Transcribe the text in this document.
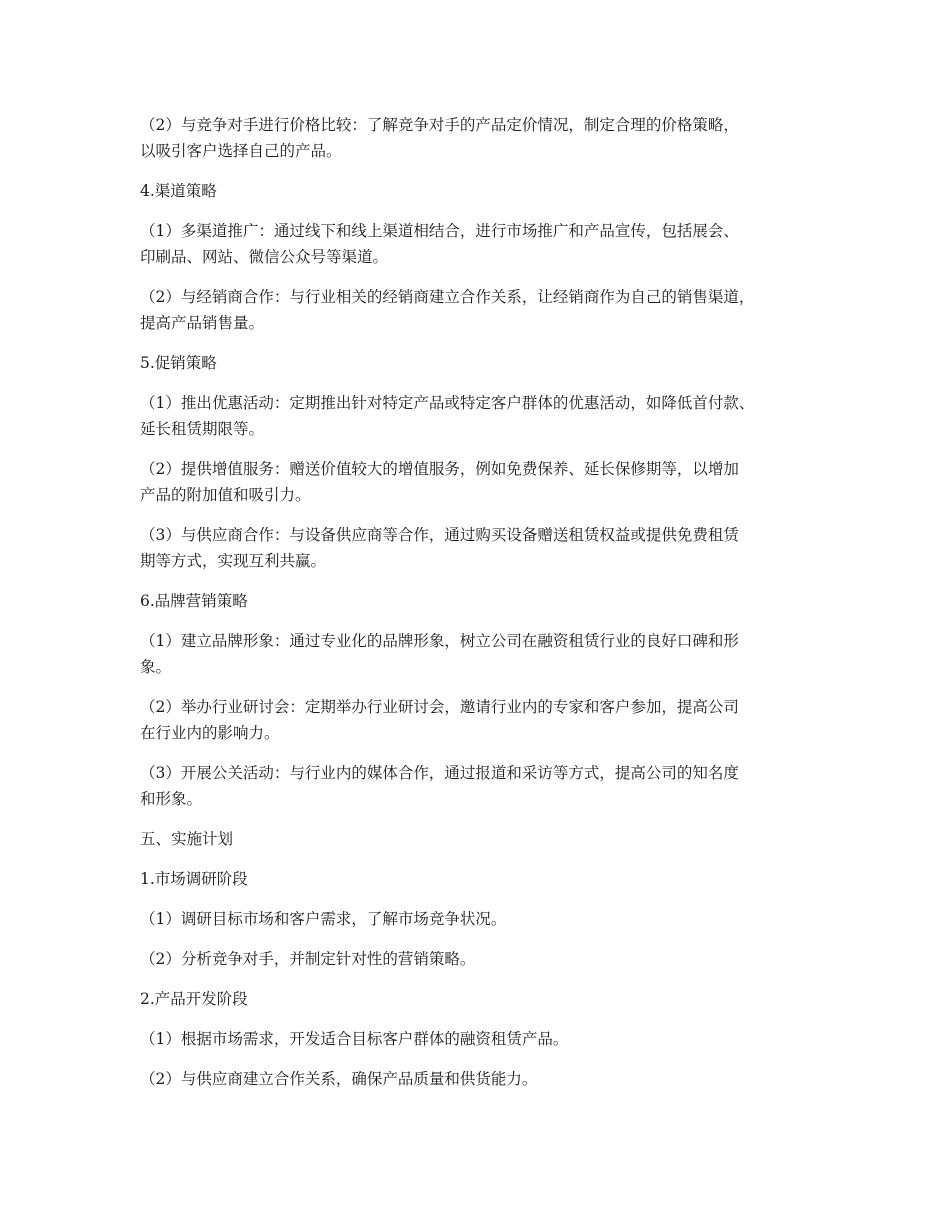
（2）与竞争对手进行价格比较：了解竞争对手的产品定价情况，制定合理的价格策略，

以吸引客户选择自己的产品。

4.渠道策略

（1）多渠道推广：通过线下和线上渠道相结合，进行市场推广和产品宣传，包括展会、

印刷品、网站、微信公众号等渠道。

（2）与经销商合作：与行业相关的经销商建立合作关系，让经销商作为自己的销售渠道，

提高产品销售量。

5.促销策略

（1）推出优惠活动：定期推出针对特定产品或特定客户群体的优惠活动，如降低首付款、

延长租赁期限等。

（2）提供增值服务：赠送价值较大的增值服务，例如免费保养、延长保修期等，以增加

产品的附加值和吸引力。

（3）与供应商合作：与设备供应商等合作，通过购买设备赠送租赁权益或提供免费租赁

期等方式，实现互利共赢。

6.品牌营销策略

（1）建立品牌形象：通过专业化的品牌形象，树立公司在融资租赁行业的良好口碑和形

象。

（2）举办行业研讨会：定期举办行业研讨会，邀请行业内的专家和客户参加，提高公司

在行业内的影响力。

（3）开展公关活动：与行业内的媒体合作，通过报道和采访等方式，提高公司的知名度

和形象。

五、实施计划

1.市场调研阶段

（1）调研目标市场和客户需求，了解市场竞争状况。

（2）分析竞争对手，并制定针对性的营销策略。

2.产品开发阶段

（1）根据市场需求，开发适合目标客户群体的融资租赁产品。

（2）与供应商建立合作关系，确保产品质量和供货能力。
